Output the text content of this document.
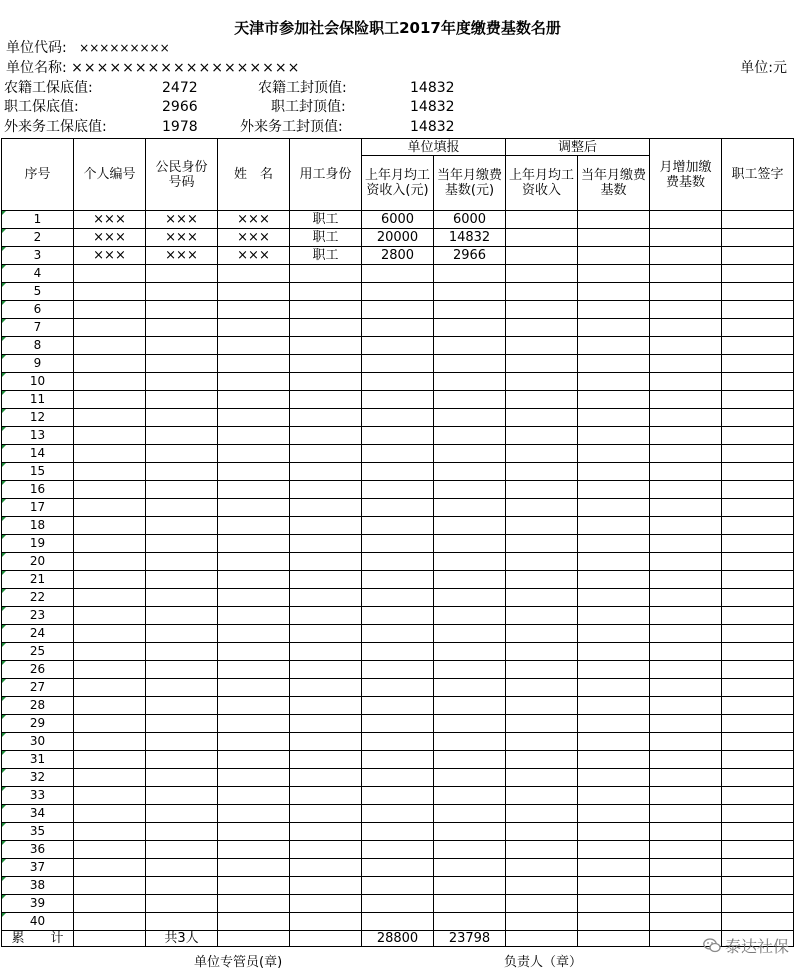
天津市参加社会保险职工2017年度缴费基数名册
单位代码: ×××××××××
单位名称: ××××××××××××××××××	单位:元
农籍工保底值:	2472	农籍工封顶值:	14832
职工保底值:	2966	职工封顶值:	14832
外来务工保底值:	1978	外来务工封顶值:	14832
序号	个人编号	公民身份号码	姓　名	用工身份	单位填报		调整后		月增加缴费基数	职工签字
					上年月均工资收入(元)	当年月缴费基数(元)	上年月均工资收入	当年月缴费基数		

1	×××	×××	×××	职工	6000	6000				

2	×××	×××	×××	职工	20000	14832				

3	×××	×××	×××	职工	2800	2966				

4										

5										

6										

7										

8										

9										

10										

11										

12										

13										

14										

15										

16										

17										

18										

19										

20										

21										

22										

23										

24										

25										

26										

27										

28										

29										

30										

31										

32										

33										

34										

35										

36										

37										

38										

39										

40										
累　　计		共3人			28800	23798				
单位专管员(章)	负责人（章）
泰达社保
